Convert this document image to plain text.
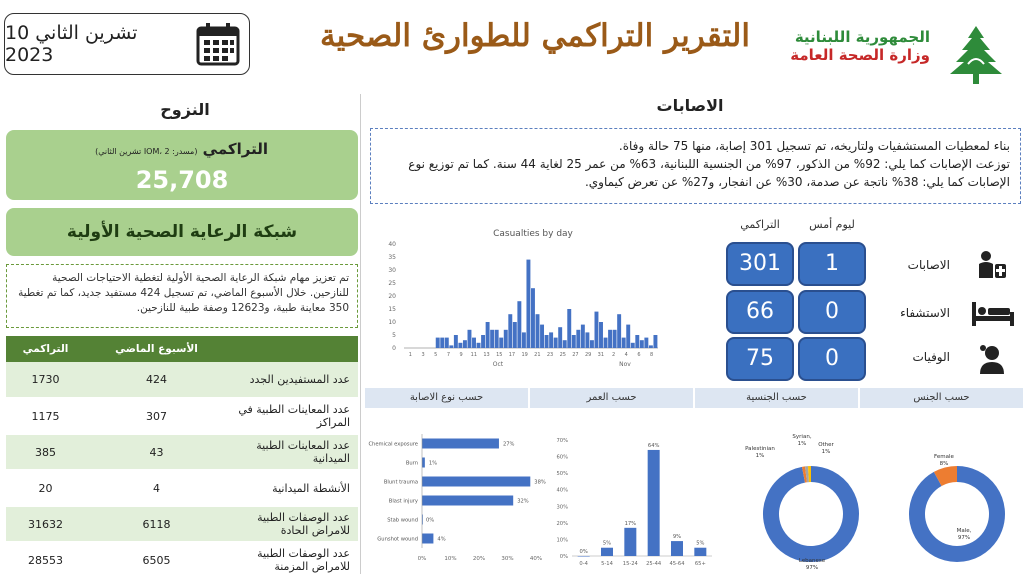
10 تشرين الثاني 2023
التقرير التراكمي للطوارئ الصحية	الجمهورية اللبنانية
وزارة الصحة العامة
النزوح
التراكمي (مسدر: IOM، 2 تشرين الثاني)
25,708
شبكة الرعاية الصحية الأولية
تم تعزيز مهام شبكة الرعاية الصحية الأولية لتغطية الاحتياجات الصحية للنازحين. خلال الأسبوع الماضي، تم تسجيل 424 مستفيد جديد، كما تم تغطية 350 معاينة طبية، و12623 وصفة طبية للنازحين.
	الأسبوع الماضي	التراكمي
عدد المستفيدين الجدد	424	1730
عدد المعاينات الطبية في المراكز	307	1175
عدد المعاينات الطبية الميدانية	43	385
الأنشطة الميدانية	4	20
عدد الوصفات الطبية للامراض الحادة	6118	31632
عدد الوصفات الطبية للامراض المزمنة	6505	28553
الاصابات
بناء لمعطيات المستشفيات ولتاريخه، تم تسجيل 301 إصابة، منها 75 حالة وفاة.
توزعت الإصابات كما يلي: 92% من الذكور، 97% من الجنسية اللبنانية، 63% من عمر 25 لغاية 44 سنة. كما تم توزيع نوع الإصابات كما يلي: 38% ناتجة عن صدمة، 30% عن انفجار، و27% عن تعرض كيماوي.
Casualties by day
0
5
10
15
20
25
30
35
40
1 3 5 7 9 11 13 15 17 19 21 23 25 27 29 31 2 4 6 8
Oct	Nov
ليوم أمس
التراكمي
301	1	الاصابات
66	0	الاستشفاء
75	0	الوفيات
حسب الجنس
حسب الجنسية
حسب العمر
حسب نوع الاصابة
Chemical exposure	27%
Burn 1%
Blunt trauma	38%
Blast injury	32%
Stab wound 0%
Gunshot wound	4%
0%	10%	20%	30%	40%	0%
10%
20%
30%
40%
50%
60%
70%
0%
0-4
5%
5-14
17%
15-24
64%
25-44
9%
45-64
5%
65+	Lebanese
97%
Palestinian
1%
Syrian,
1% Other
1%
Male,
97%
Female
8%
